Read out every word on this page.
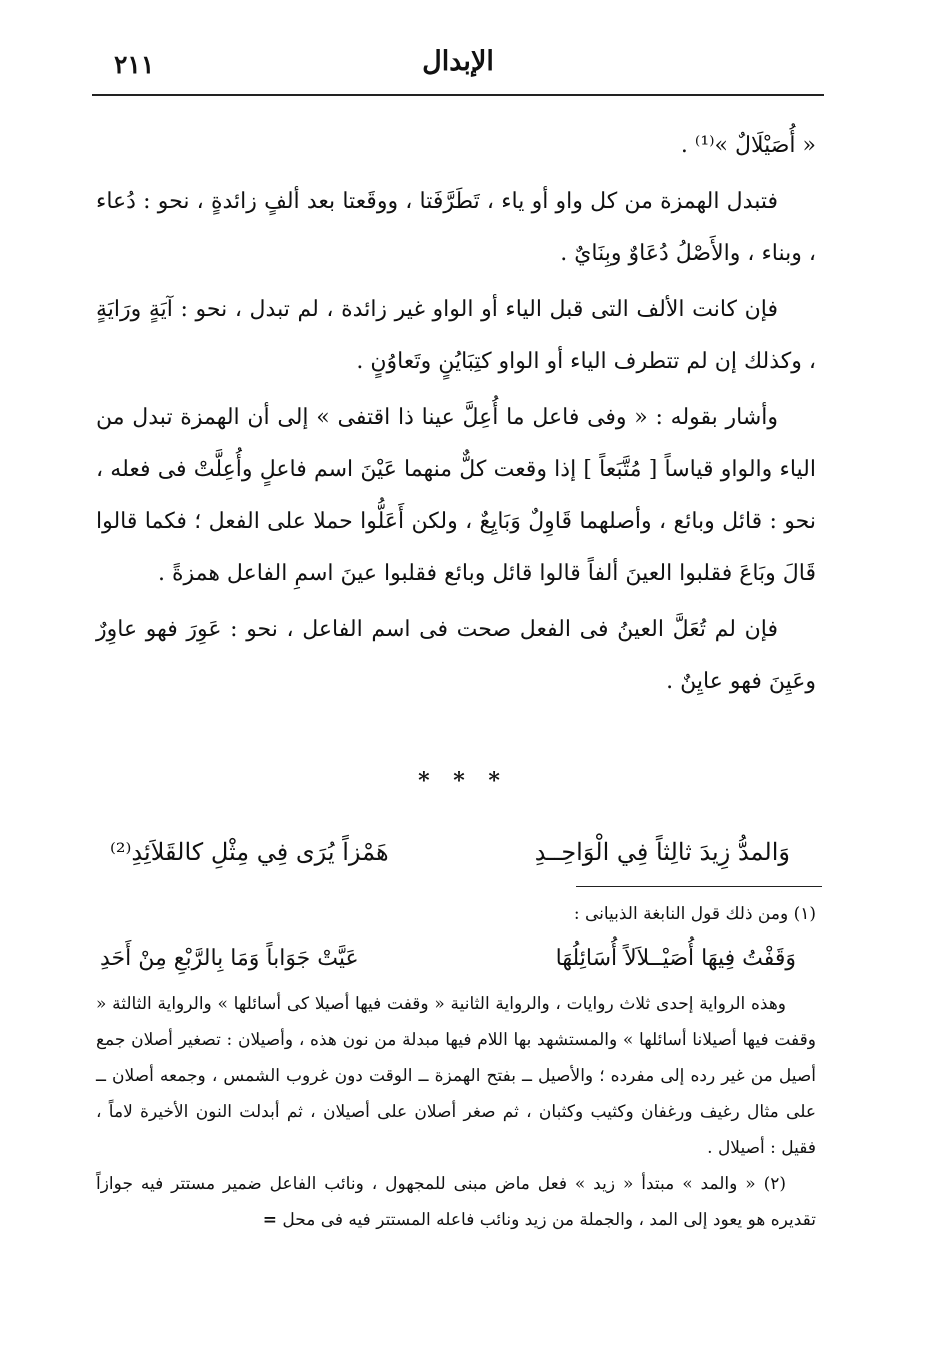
الإبدال
٢١١

« أُصَيْلَالٌ »⁽¹⁾ .

فتبدل الهمزة من كل واو أو ياء ، تَطَرَّفَتا ، ووقَعتا بعد ألفٍ زائدةٍ ، نحو : دُعاء ، وبناء ، والأَصْلُ دُعَاوٌ وبِنَايٌ .

فإن كانت الألف التى قبل الياء أو الواو غير زائدة ، لم تبدل ، نحو : آيَةٍ ورَايَةٍ ، وكذلك إن لم تتطرف الياء أو الواو كتِبَايُنٍ وتَعاوُنٍ .

وأشار بقوله : « وفى فاعل ما أُعِلَّ عينا ذا اقتفى » إلى أن الهمزة تبدل من الياء والواو قياساً [ مُتَّبَعاً ] إذا وقعت كلٌّ منهما عَيْنَ اسم فاعلٍ وأُعِلَّتْ فى فعله ، نحو : قائل وبائع ، وأصلهما قَاوِلٌ وَبَايِعٌ ، ولكن أَعَلُّوا حملا على الفعل ؛ فكما قالوا قَالَ وبَاعَ فقلبوا العينَ ألفاً قالوا قائل وبائع فقلبوا عينَ اسمِ الفاعل همزةً .

فإن لم تُعَلَّ العينُ فى الفعل صحت فى اسم الفاعل ، نحو : عَوِرَ فهو عاوِرٌ وعَيِنَ فهو عايِنٌ .

* * *
وَالمدُّ زِيدَ ثالِثاً فِي الْوَاحِــدِ
هَمْزاً يُرَى فِي مِثْلِ كالقَلاَئِدِ⁽²⁾

(١) ومن ذلك قول النابغة الذبيانى :

وَقَفْتُ فِيهَا أُصَيْــلاَلاً أُسَائِلُهَا
عَيَّتْ جَوَاباً وَمَا بِالرَّبْعِ مِنْ أَحَدِ

وهذه الرواية إحدى ثلاث روايات ، والرواية الثانية « وقفت فيها أصيلا كى أسائلها » والرواية الثالثة « وقفت فيها أصيلانا أسائلها » والمستشهد بها اللام فيها مبدلة من نون هذه ، وأصيلان : تصغير أصلان جمع أصيل من غير رده إلى مفرده ؛ والأصيل ــ بفتح الهمزة ــ الوقت دون غروب الشمس ، وجمعه أصلان ــ على مثال رغيف ورغفان وكثيب وكثبان ، ثم صغر أصلان على أصيلان ، ثم أبدلت النون الأخيرة لاماً ، فقيل : أصيلال .

(٢) « والمد » مبتدأ « زيد » فعل ماض مبنى للمجهول ، ونائب الفاعل ضمير مستتر فيه جوازاً تقديره هو يعود إلى المد ، والجملة من زيد ونائب فاعله المستتر فيه فى محل =
